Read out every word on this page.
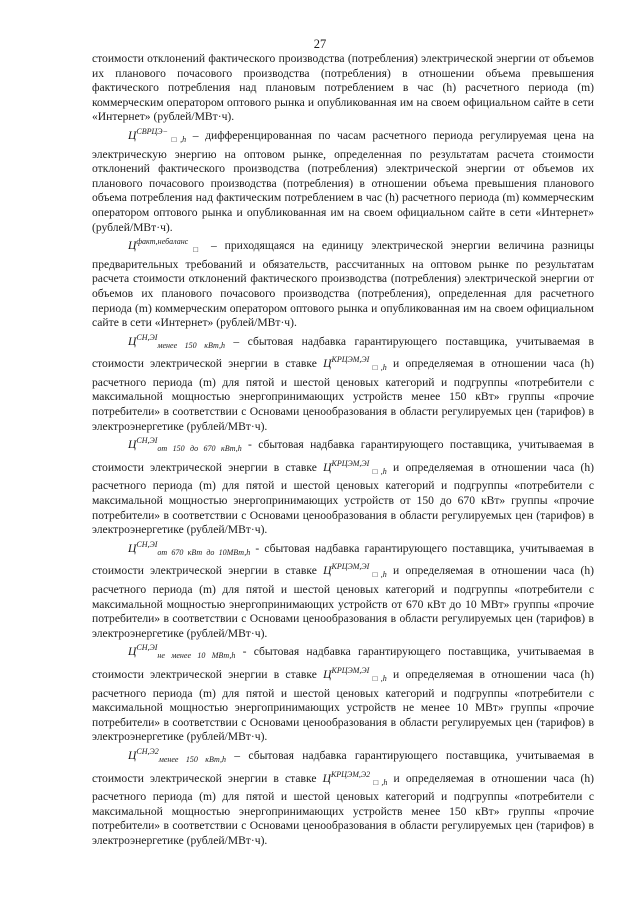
27

стоимости отклонений фактического производства (потребления) электрической энергии от объемов их планового почасового производства (потребления) в отношении объема превышения фактического потребления над плановым потреблением в час (h) расчетного периода (m) коммерческим оператором оптового рынка и опубликованная им на своем официальном сайте в сети «Интернет» (рублей/МВт·ч).

$Ц^{СВРЦЭ-}_{□,h}$ – дифференцированная по часам расчетного периода регулируемая цена на электрическую энергию на оптовом рынке, определенная по результатам расчета стоимости отклонений фактического производства (потребления) электрической энергии от объемов их планового почасового производства (потребления) в отношении объема превышения планового объема потребления над фактическим потреблением в час (h) расчетного периода (m) коммерческим оператором оптового рынка и опубликованная им на своем официальном сайте в сети «Интернет» (рублей/МВт·ч).

$Ц^{факт,небаланс}_□$ – приходящаяся на единицу электрической энергии величина разницы предварительных требований и обязательств, рассчитанных на оптовом рынке по результатам расчета стоимости отклонений фактического производства (потребления) электрической энергии от объемов их планового почасового производства (потребления), определенная для расчетного периода (m) коммерческим оператором оптового рынка и опубликованная им на своем официальном сайте в сети «Интернет» (рублей/МВт·ч).

$Ц^{СН,ЭI}_{менее 150 кВт,h}$ – сбытовая надбавка гарантирующего поставщика, учитываемая в стоимости электрической энергии в ставке $Ц^{КРЦЭМ,ЭI}_{□,h}$ и определяемая в отношении часа (h) расчетного периода (m) для пятой и шестой ценовых категорий и подгруппы «потребители с максимальной мощностью энергопринимающих устройств менее 150 кВт» группы «прочие потребители» в соответствии с Основами ценообразования в области регулируемых цен (тарифов) в электроэнергетике (рублей/МВт·ч).

$Ц^{СН,ЭI}_{от 150 до 670 кВт,h}$ - сбытовая надбавка гарантирующего поставщика, учитываемая в стоимости электрической энергии в ставке $Ц^{КРЦЭМ,ЭI}_{□,h}$ и определяемая в отношении часа (h) расчетного периода (m) для пятой и шестой ценовых категорий и подгруппы «потребители с максимальной мощностью энергопринимающих устройств от 150 до 670 кВт» группы «прочие потребители» в соответствии с Основами ценообразования в области регулируемых цен (тарифов) в электроэнергетике (рублей/МВт·ч).

$Ц^{СН,ЭI}_{от 670 кВт до 10МВт,h}$ - сбытовая надбавка гарантирующего поставщика, учитываемая в стоимости электрической энергии в ставке $Ц^{КРЦЭМ,ЭI}_{□,h}$ и определяемая в отношении часа (h) расчетного периода (m) для пятой и шестой ценовых категорий и подгруппы «потребители с максимальной мощностью энергопринимающих устройств от 670 кВт до 10 МВт» группы «прочие потребители» в соответствии с Основами ценообразования в области регулируемых цен (тарифов) в электроэнергетике (рублей/МВт·ч).

$Ц^{СН,ЭI}_{не менее 10 МВт,h}$ - сбытовая надбавка гарантирующего поставщика, учитываемая в стоимости электрической энергии в ставке $Ц^{КРЦЭМ,ЭI}_{□,h}$ и определяемая в отношении часа (h) расчетного периода (m) для пятой и шестой ценовых категорий и подгруппы «потребители с максимальной мощностью энергопринимающих устройств не менее 10 МВт» группы «прочие потребители» в соответствии с Основами ценообразования в области регулируемых цен (тарифов) в электроэнергетике (рублей/МВт·ч).

$Ц^{СН,Э2}_{менее 150 кВт,h}$ – сбытовая надбавка гарантирующего поставщика, учитываемая в стоимости электрической энергии в ставке $Ц^{КРЦЭМ,Э2}_{□,h}$ и определяемая в отношении часа (h) расчетного периода (m) для пятой и шестой ценовых категорий и подгруппы «потребители с максимальной мощностью энергопринимающих устройств менее 150 кВт» группы «прочие потребители» в соответствии с Основами ценообразования в области регулируемых цен (тарифов) в электроэнергетике (рублей/МВт·ч).
